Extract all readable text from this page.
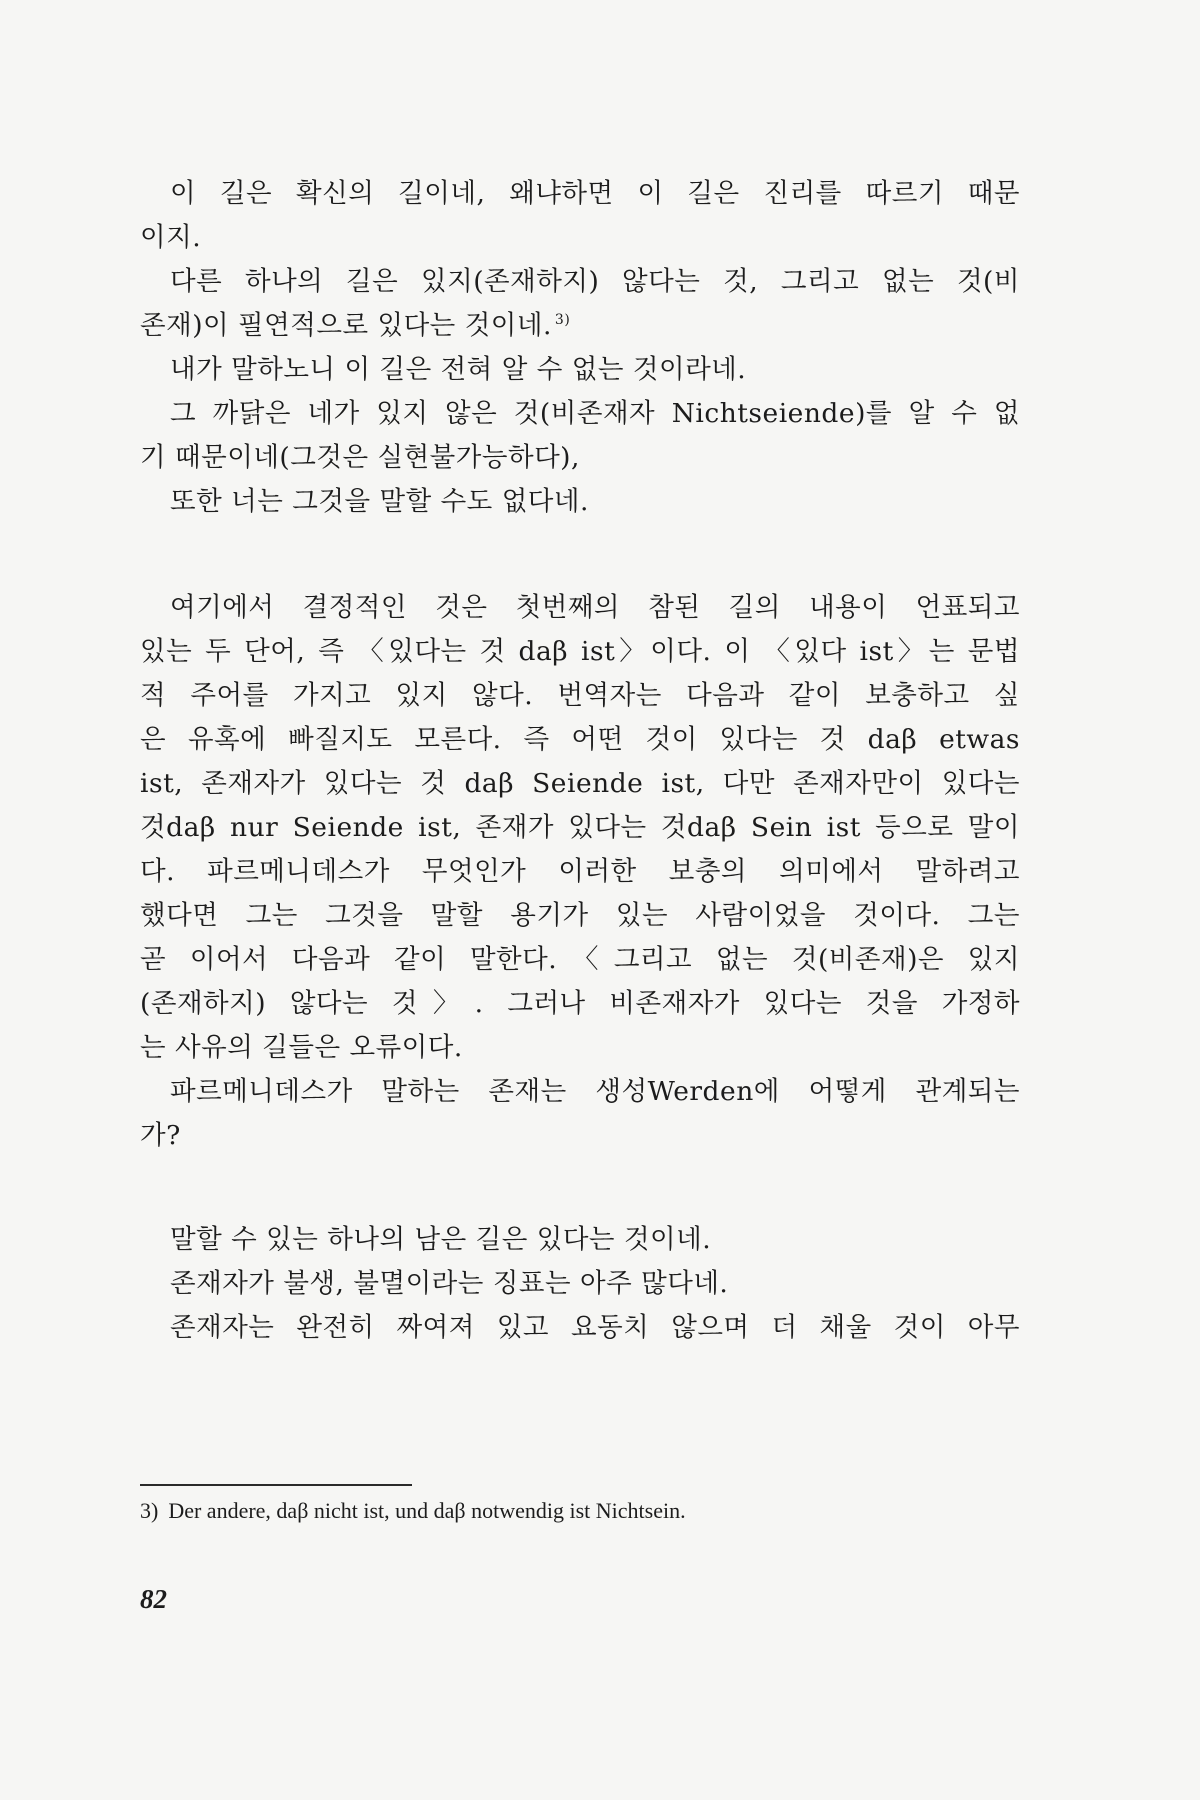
이 길은 확신의 길이네, 왜냐하면 이 길은 진리를 따르기 때문
이지.
다른 하나의 길은 있지(존재하지) 않다는 것, 그리고 없는 것(비
존재)이 필연적으로 있다는 것이네. $^{3)}$
내가 말하노니 이 길은 전혀 알 수 없는 것이라네.
그 까닭은 네가 있지 않은 것(비존재자 Nichtseiende)를 알 수 없
기 때문이네(그것은 실현불가능하다),
또한 너는 그것을 말할 수도 없다네.
여기에서 결정적인 것은 첫번째의 참된 길의 내용이 언표되고
있는 두 단어, 즉 〈있다는 것 daβ ist〉이다. 이 〈있다 ist〉는 문법
적 주어를 가지고 있지 않다. 번역자는 다음과 같이 보충하고 싶
은 유혹에 빠질지도 모른다. 즉 어떤 것이 있다는 것 daβ etwas
ist, 존재자가 있다는 것 daβ Seiende ist, 다만 존재자만이 있다는
것daβ nur Seiende ist, 존재가 있다는 것daβ Sein ist 등으로 말이
다. 파르메니데스가 무엇인가 이러한 보충의 의미에서 말하려고
했다면 그는 그것을 말할 용기가 있는 사람이었을 것이다. 그는
곧 이어서 다음과 같이 말한다.〈그리고 없는 것(비존재)은 있지
(존재하지) 않다는 것〉. 그러나 비존재자가 있다는 것을 가정하
는 사유의 길들은 오류이다.
파르메니데스가 말하는 존재는 생성Werden에 어떻게 관계되는
가?
말할 수 있는 하나의 남은 길은 있다는 것이네.
존재자가 불생, 불멸이라는 징표는 아주 많다네.
존재자는 완전히 짜여져 있고 요동치 않으며 더 채울 것이 아무
3) Der andere, daβ nicht ist, und daβ notwendig ist Nichtsein.
82
